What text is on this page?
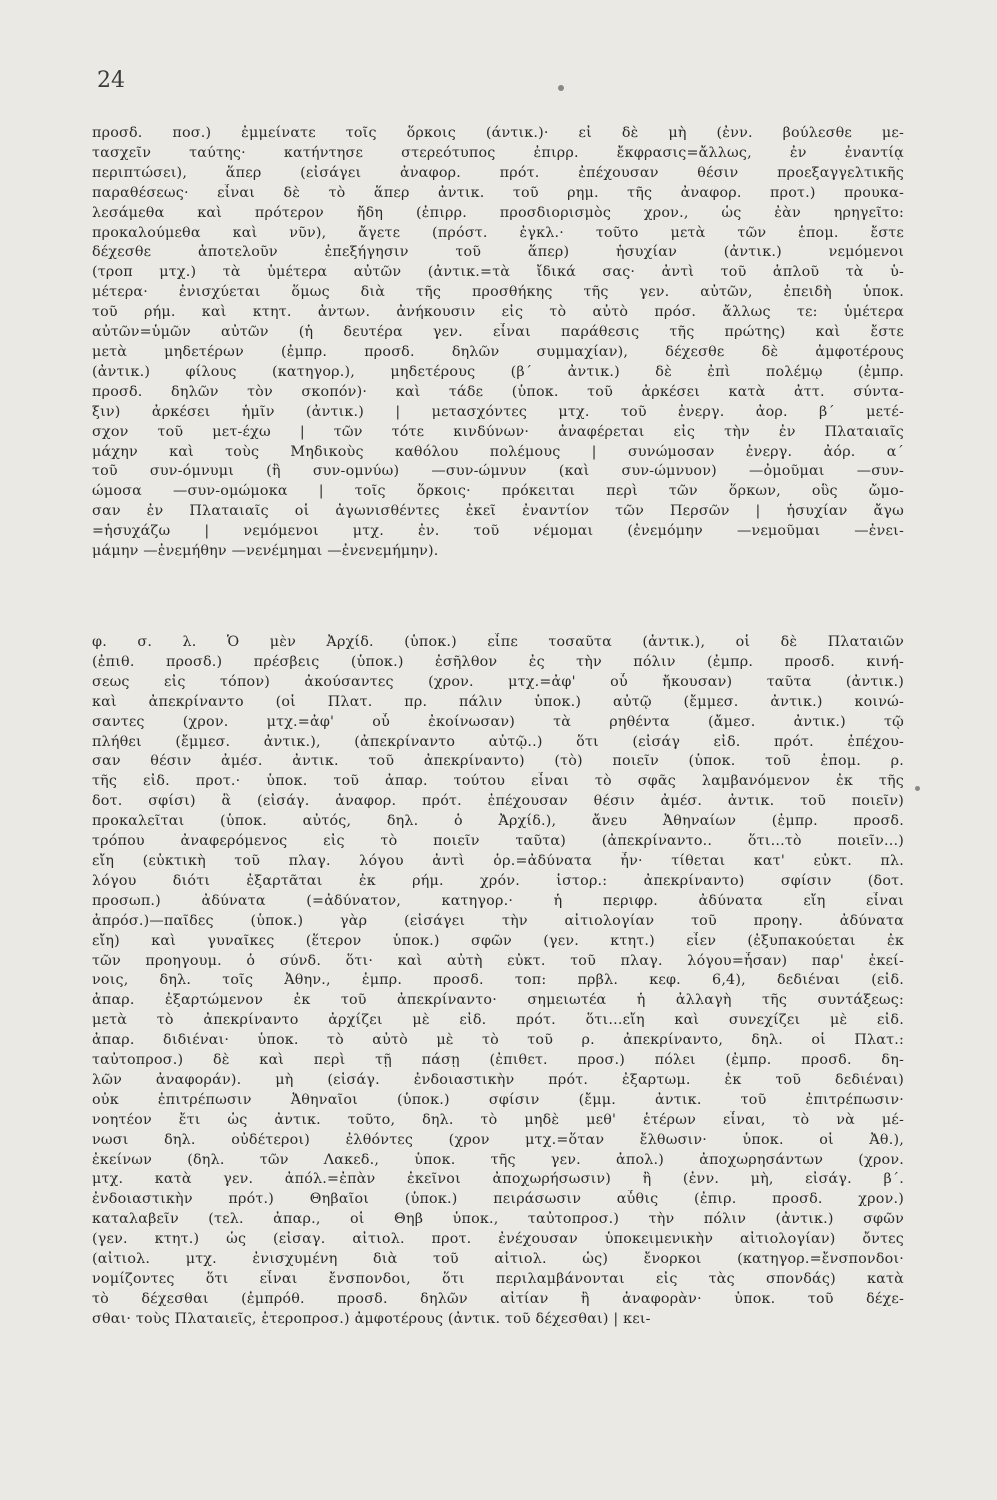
24
προσδ. ποσ.) ἐμμείνατε τοῖς ὅρκοις (άντικ.)· εἰ δὲ μὴ (ἐνν. βούλεσθε με-
τασχεῖν ταύτης· κατήντησε στερεότυπος ἐπιρρ. ἔκφρασις=ἄλλως, ἐν ἐναντίᾳ
περιπτώσει), ἅπερ (εἰσάγει ἀναφορ. πρότ. ἐπέχουσαν θέσιν προεξαγγελτικῆς
παραθέσεως· εἶναι δὲ τὸ ἅπερ ἀντικ. τοῦ ρημ. τῆς ἀναφορ. προτ.) προυκα-
λεσάμεθα καὶ πρότερον ἤδη (ἐπιρρ. προσδιορισμὸς χρον., ὡς ἐὰν ηρηγεῖτο:
προκαλούμεθα καὶ νῦν), ἄγετε (πρόστ. ἐγκλ.· τοῦτο μετὰ τῶν ἑπομ. ἔστε
δέχεσθε ἀποτελοῦν ἐπεξήγησιν τοῦ ἅπερ) ἡσυχίαν (ἀντικ.) νεμόμενοι
(τροπ μτχ.) τὰ ὑμέτερα αὐτῶν (ἀντικ.=τὰ ἴδικά σας· ἀντὶ τοῦ ἁπλοῦ τὰ ὑ-
μέτερα· ἐνισχύεται ὅμως διὰ τῆς προσθήκης τῆς γεν. αὐτῶν, ἐπειδὴ ὑποκ.
τοῦ ρήμ. καὶ κτητ. ἀντων. ἀνήκουσιν εἰς τὸ αὐτὸ πρόσ. ἄλλως τε: ὑμέτερα
αὐτῶν=ὑμῶν αὐτῶν (ἡ δευτέρα γεν. εἶναι παράθεσις τῆς πρώτης) καὶ ἔστε
μετὰ μηδετέρων (ἐμπρ. προσδ. δηλῶν συμμαχίαν), δέχεσθε δὲ ἀμφοτέρους
(ἀντικ.) φίλους (κατηγορ.), μηδετέρους (β΄ ἀντικ.) δὲ ἐπὶ πολέμῳ (ἐμπρ.
προσδ. δηλῶν τὸν σκοπόν)· καὶ τάδε (ὑποκ. τοῦ ἀρκέσει κατὰ ἀττ. σύντα-
ξιν) ἀρκέσει ἡμῖν (ἀντικ.) | μετασχόντες μτχ. τοῦ ἐνεργ. ἀορ. β΄ μετέ-
σχον τοῦ μετ-έχω | τῶν τότε κινδύνων· ἀναφέρεται εἰς τὴν ἐν Πλαταιαῖς
μάχην καὶ τοὺς Μηδικοὺς καθόλου πολέμους | συνώμοσαν ἐνεργ. ἀόρ. α΄
τοῦ συν-όμνυμι (ἢ συν-ομνύω) —συν-ώμνυν (καὶ συν-ώμνυον) —ὀμοῦμαι —συν-
ώμοσα —συν-ομώμοκα | τοῖς ὅρκοις· πρόκειται περὶ τῶν ὅρκων, οὓς ὤμο-
σαν ἐν Πλαταιαῖς οἱ ἀγωνισθέντες ἐκεῖ ἐναντίον τῶν Περσῶν | ἡσυχίαν ἄγω
=ἡσυχάζω | νεμόμενοι μτχ. ἐν. τοῦ νέμομαι (ἐνεμόμην —νεμοῦμαι —ἐνει-
μάμην —ἐνεμήθην —νενέμημαι —ἐνενεμήμην).
φ. σ. λ. Ὁ μὲν Ἀρχίδ. (ὑποκ.) εἶπε τοσαῦτα (ἀντικ.), οἱ δὲ Πλαταιῶν
(ἐπιθ. προσδ.) πρέσβεις (ὑποκ.) ἐσῆλθον ἐς τὴν πόλιν (ἐμπρ. προσδ. κινή-
σεως εἰς τόπον) ἀκούσαντες (χρον. μτχ.=ἀφ' οὗ ἤκουσαν) ταῦτα (ἀντικ.)
καὶ ἀπεκρίναντο (οἱ Πλατ. πρ. πάλιν ὑποκ.) αὐτῷ (ἔμμεσ. ἀντικ.) κοινώ-
σαντες (χρον. μτχ.=ἀφ' οὗ ἐκοίνωσαν) τὰ ρηθέντα (ἄμεσ. ἀντικ.) τῷ
πλήθει (ἔμμεσ. ἀντικ.), (ἀπεκρίναντο αὐτῷ..) ὅτι (εἰσάγ εἰδ. πρότ. ἐπέχου-
σαν θέσιν ἀμέσ. ἀντικ. τοῦ ἀπεκρίναντο) (τὸ) ποιεῖν (ὑποκ. τοῦ ἑπομ. ρ.
τῆς εἰδ. προτ.· ὑποκ. τοῦ ἀπαρ. τούτου εἶναι τὸ σφᾶς λαμβανόμενον ἐκ τῆς
δοτ. σφίσι) ἃ (εἰσάγ. ἀναφορ. πρότ. ἐπέχουσαν θέσιν ἀμέσ. ἀντικ. τοῦ ποιεῖν)
προκαλεῖται (ὑποκ. αὐτός, δηλ. ὁ Ἀρχίδ.), ἄνευ Ἀθηναίων (ἐμπρ. προσδ.
τρόπου ἀναφερόμενος εἰς τὸ ποιεῖν ταῦτα) (ἀπεκρίναντο.. ὅτι...τὸ ποιεῖν...)
εἴη (εὐκτικὴ τοῦ πλαγ. λόγου ἀντὶ ὁρ.=ἀδύνατα ἦν· τίθεται κατ' εὐκτ. πλ.
λόγου διότι ἐξαρτᾶται ἐκ ρήμ. χρόν. ἱστορ.: ἀπεκρίναντο) σφίσιν (δοτ.
προσωπ.) ἀδύνατα (=ἀδύνατον, κατηγορ.· ἡ περιφρ. ἀδύνατα εἴη εἶναι
ἀπρόσ.)—παῖδες (ὑποκ.) γὰρ (εἰσάγει τὴν αἰτιολογίαν τοῦ προηγ. ἀδύνατα
εἴη) καὶ γυναῖκες (ἕτερον ὑποκ.) σφῶν (γεν. κτητ.) εἶεν (ἐξυπακούεται ἐκ
τῶν προηγουμ. ὁ σύνδ. ὅτι· καὶ αὐτὴ εὐκτ. τοῦ πλαγ. λόγου=ἦσαν) παρ' ἐκεί-
νοις, δηλ. τοῖς Ἀθην., ἐμπρ. προσδ. τοπ: πρβλ. κεφ. 6,4), δεδιέναι (εἰδ.
ἀπαρ. ἐξαρτώμενον ἐκ τοῦ ἀπεκρίναντο· σημειωτέα ἡ ἀλλαγὴ τῆς συντάξεως:
μετὰ τὸ ἀπεκρίναντο ἀρχίζει μὲ εἰδ. πρότ. ὅτι...εἴη καὶ συνεχίζει μὲ εἰδ.
ἀπαρ. διδιέναι· ὑποκ. τὸ αὐτὸ μὲ τὸ τοῦ ρ. ἀπεκρίναντο, δηλ. οἱ Πλατ.:
ταὐτοπροσ.) δὲ καὶ περὶ τῇ πάσῃ (ἐπιθετ. προσ.) πόλει (ἐμπρ. προσδ. δη-
λῶν ἀναφοράν). μὴ (εἰσάγ. ἐνδοιαστικὴν πρότ. ἐξαρτωμ. ἐκ τοῦ δεδιέναι)
οὐκ ἐπιτρέπωσιν Ἀθηναῖοι (ὑποκ.) σφίσιν (ἔμμ. ἀντικ. τοῦ ἐπιτρέπωσιν·
νοητέον ἔτι ὡς ἀντικ. τοῦτο, δηλ. τὸ μηδὲ μεθ' ἑτέρων εἶναι, τὸ νὰ μέ-
νωσι δηλ. οὐδέτεροι) ἐλθόντες (χρον μτχ.=ὅταν ἔλθωσιν· ὑποκ. οἱ Ἀθ.),
ἐκείνων (δηλ. τῶν Λακεδ., ὑποκ. τῆς γεν. ἀπολ.) ἀποχωρησάντων (χρον.
μτχ. κατὰ γεν. ἀπόλ.=ἐπὰν ἐκεῖνοι ἀποχωρήσωσιν) ἢ (ἐνν. μὴ, εἰσάγ. β΄.
ἐνδοιαστικὴν πρότ.) Θηβαῖοι (ὑποκ.) πειράσωσιν αὖθις (ἐπιρ. προσδ. χρον.)
καταλαβεῖν (τελ. ἀπαρ., οἱ Θηβ ὑποκ., ταὐτοπροσ.) τὴν πόλιν (ἀντικ.) σφῶν
(γεν. κτητ.) ὡς (εἰσαγ. αἰτιολ. προτ. ἐνέχουσαν ὑποκειμενικὴν αἰτιολογίαν) ὄντες
(αἰτιολ. μτχ. ἐνισχυμένη διὰ τοῦ αἰτιολ. ὡς) ἔνορκοι (κατηγορ.=ἔνσπονδοι·
νομίζοντες ὅτι εἶναι ἔνσπονδοι, ὅτι περιλαμβάνονται εἰς τὰς σπονδάς) κατὰ
τὸ δέχεσθαι (ἐμπρόθ. προσδ. δηλῶν αἰτίαν ἢ ἀναφορὰν· ὑποκ. τοῦ δέχε-
σθαι· τοὺς Πλαταιεῖς, ἑτεροπροσ.) ἀμφοτέρους (ἀντικ. τοῦ δέχεσθαι) | κει-
